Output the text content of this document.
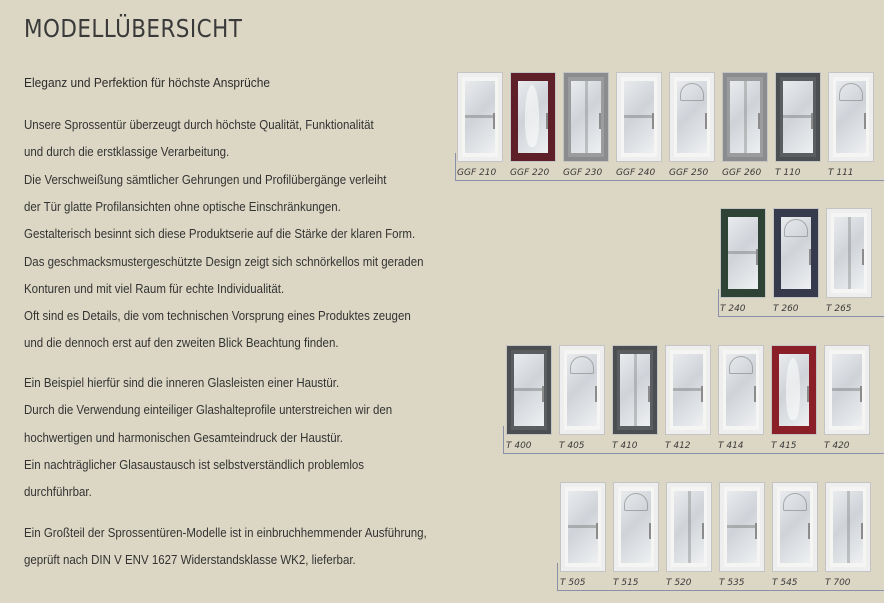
MODELLÜBERSICHT
Eleganz und Perfektion für höchste Ansprüche
Unsere Sprossentür überzeugt durch höchste Qualität, Funktionalität
und durch die erstklassige Verarbeitung.
Die Verschweißung sämtlicher Gehrungen und Profilübergänge verleiht
der Tür glatte Profilansichten ohne optische Einschränkungen.
Gestalterisch besinnt sich diese Produktserie auf die Stärke der klaren Form.
Das geschmacksmustergeschützte Design zeigt sich schnörkellos mit geraden
Konturen und mit viel Raum für echte Individualität.
Oft sind es Details, die vom technischen Vorsprung eines Produktes zeugen
und die dennoch erst auf den zweiten Blick Beachtung finden.
Ein Beispiel hierfür sind die inneren Glasleisten einer Haustür.
Durch die Verwendung einteiliger Glashalteprofile unterstreichen wir den
hochwertigen und harmonischen Gesamteindruck der Haustür.
Ein nachträglicher Glasaustausch ist selbstverständlich problemlos
durchführbar.
Ein Großteil der Sprossentüren-Modelle ist in einbruchhemmender Ausführung,
geprüft nach DIN V ENV 1627 Widerstandsklasse WK2, lieferbar.
GGF 210 GGF 220 GGF 230 GGF 240 GGF 250 GGF 260 T 110	T 111
T 240	T 260	T 265
T 400	T 405	T 410	T 412	T 414	T 415	T 420
T 505	T 515	T 520	T 535	T 545	T 700
